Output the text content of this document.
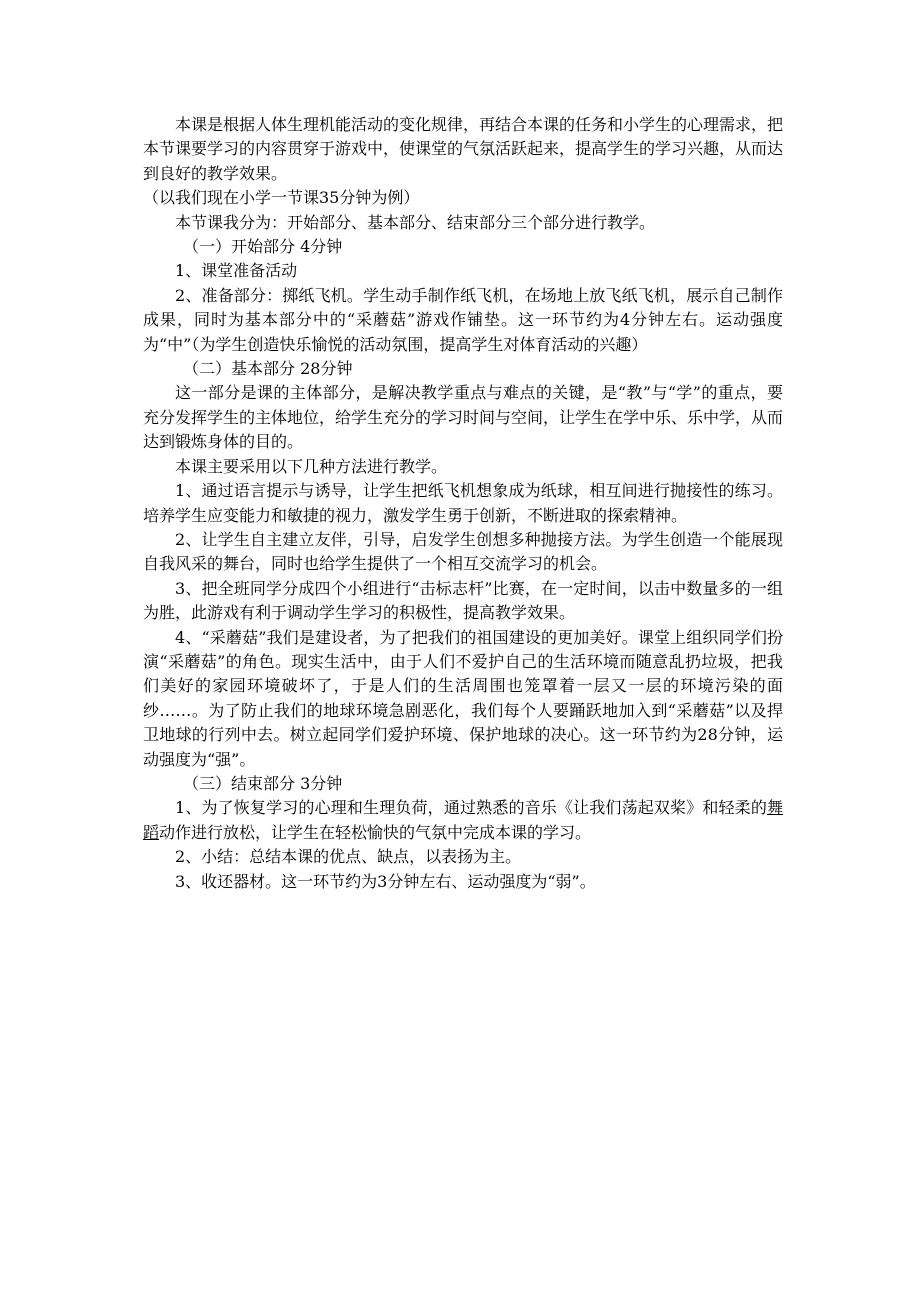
本课是根据人体生理机能活动的变化规律，再结合本课的任务和小学生的心理需求，把本节课要学习的内容贯穿于游戏中，使课堂的气氛活跃起来，提高学生的学习兴趣，从而达到良好的教学效果。

（以我们现在小学一节课35分钟为例）

本节课我分为：开始部分、基本部分、结束部分三个部分进行教学。

（一）开始部分 4分钟

1、课堂准备活动

2、准备部分：掷纸飞机。学生动手制作纸飞机，在场地上放飞纸飞机，展示自己制作成果，同时为基本部分中的“采蘑菇”游戏作铺垫。这一环节约为4分钟左右。运动强度为“中”（为学生创造快乐愉悦的活动氛围，提高学生对体育活动的兴趣）

（二）基本部分 28分钟

这一部分是课的主体部分，是解决教学重点与难点的关键，是“教”与“学”的重点，要充分发挥学生的主体地位，给学生充分的学习时间与空间，让学生在学中乐、乐中学，从而达到锻炼身体的目的。

本课主要采用以下几种方法进行教学。

1、通过语言提示与诱导，让学生把纸飞机想象成为纸球，相互间进行抛接性的练习。培养学生应变能力和敏捷的视力，激发学生勇于创新，不断进取的探索精神。

2、让学生自主建立友伴，引导，启发学生创想多种抛接方法。为学生创造一个能展现自我风采的舞台，同时也给学生提供了一个相互交流学习的机会。

3、把全班同学分成四个小组进行“击标志杆”比赛，在一定时间，以击中数量多的一组为胜，此游戏有利于调动学生学习的积极性，提高教学效果。

4、“采蘑菇”我们是建设者，为了把我们的祖国建设的更加美好。课堂上组织同学们扮演“采蘑菇”的角色。现实生活中，由于人们不爱护自己的生活环境而随意乱扔垃圾，把我们美好的家园环境破坏了，于是人们的生活周围也笼罩着一层又一层的环境污染的面纱……。为了防止我们的地球环境急剧恶化，我们每个人要踊跃地加入到“采蘑菇”以及捍卫地球的行列中去。树立起同学们爱护环境、保护地球的决心。这一环节约为28分钟，运动强度为“强”。

（三）结束部分 3分钟

1、为了恢复学习的心理和生理负荷，通过熟悉的音乐《让我们荡起双桨》和轻柔的舞蹈动作进行放松，让学生在轻松愉快的气氛中完成本课的学习。

2、小结：总结本课的优点、缺点，以表扬为主。

3、收还器材。这一环节约为3分钟左右、运动强度为“弱”。
